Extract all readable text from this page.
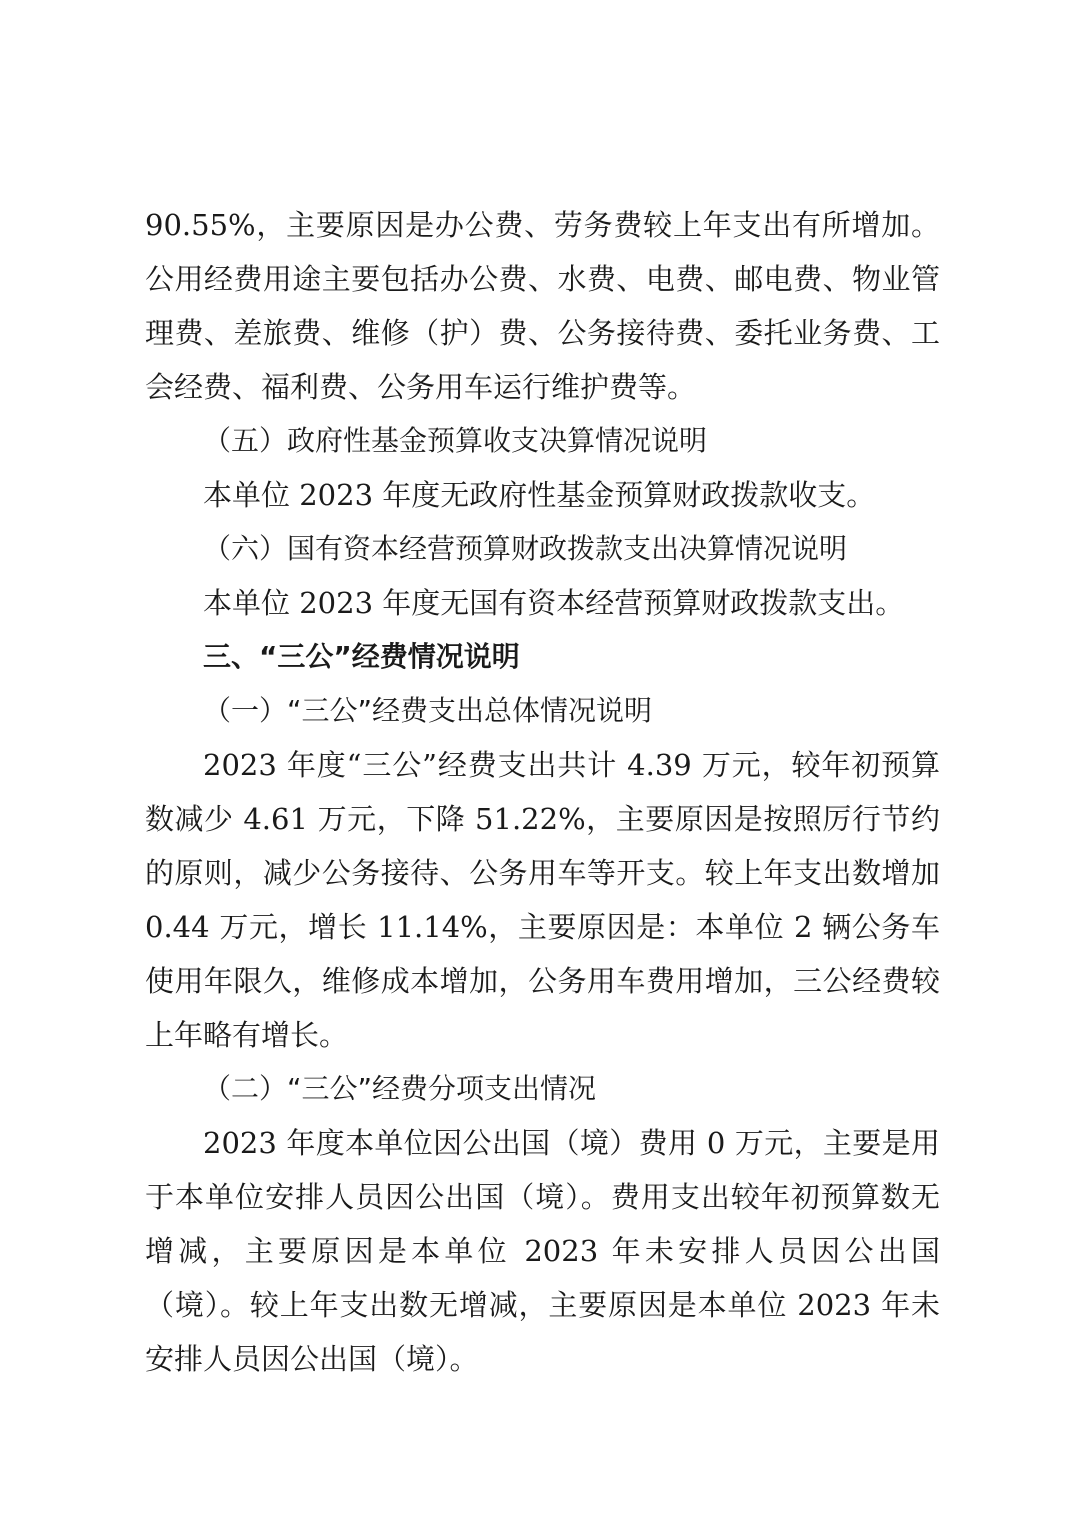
90.55%，主要原因是办公费、劳务费较上年支出有所增加。公用经费用途主要包括办公费、水费、电费、邮电费、物业管理费、差旅费、维修（护）费、公务接待费、委托业务费、工会经费、福利费、公务用车运行维护费等。

（五）政府性基金预算收支决算情况说明

本单位 2023 年度无政府性基金预算财政拨款收支。

（六）国有资本经营预算财政拨款支出决算情况说明

本单位 2023 年度无国有资本经营预算财政拨款支出。

三、“三公”经费情况说明

（一）“三公”经费支出总体情况说明

2023 年度“三公”经费支出共计 4.39 万元，较年初预算数减少 4.61 万元，下降 51.22%，主要原因是按照厉行节约的原则，减少公务接待、公务用车等开支。较上年支出数增加 0.44 万元，增长 11.14%，主要原因是：本单位 2 辆公务车使用年限久，维修成本增加，公务用车费用增加，三公经费较上年略有增长。

（二）“三公”经费分项支出情况

2023 年度本单位因公出国（境）费用 0 万元，主要是用于本单位安排人员因公出国（境）。费用支出较年初预算数无增减，主要原因是本单位 2023 年未安排人员因公出国（境）。较上年支出数无增减，主要原因是本单位 2023 年未安排人员因公出国（境）。
